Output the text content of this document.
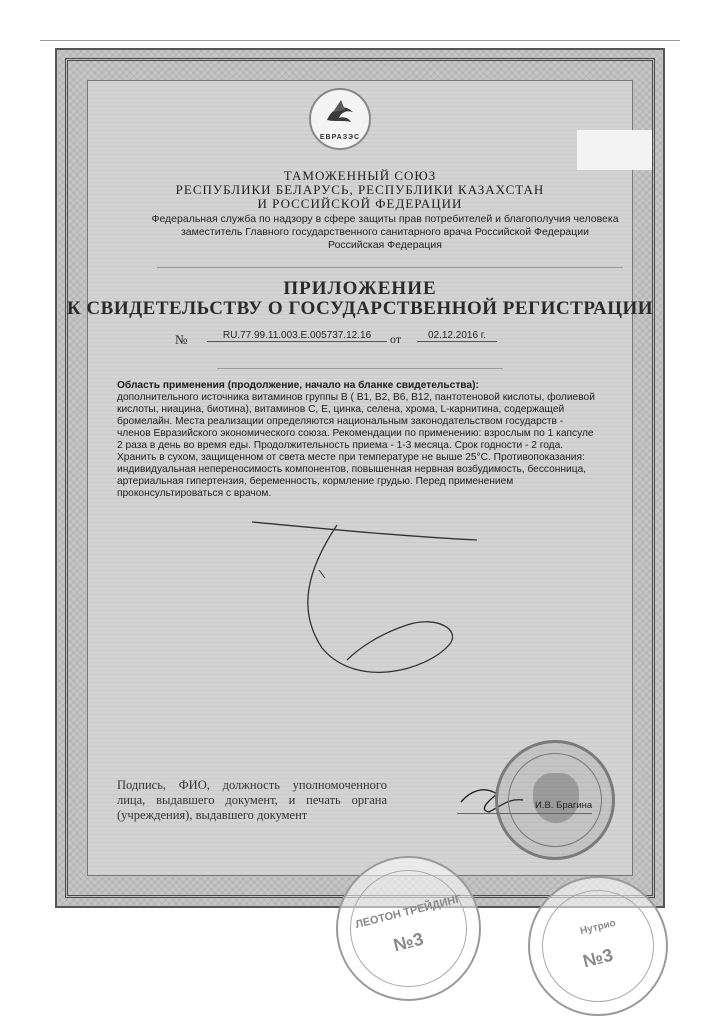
ЕВРАЗЭС
ТАМОЖЕННЫЙ СОЮЗ
РЕСПУБЛИКИ БЕЛАРУСЬ, РЕСПУБЛИКИ КАЗАХСТАН
И РОССИЙСКОЙ ФЕДЕРАЦИИ
Федеральная служба по надзору в сфере защиты прав потребителей и благополучия человека
заместитель Главного государственного санитарного врача Российской Федерации
Российская Федерация
ПРИЛОЖЕНИЕ
К СВИДЕТЕЛЬСТВУ О ГОСУДАРСТВЕННОЙ РЕГИСТРАЦИИ
№	RU.77.99.11.003.E.005737.12.16	от	02.12.2016 г.
Область применения (продолжение, начало на бланке свидетельства):
дополнительного источника витаминов группы В ( В1, В2, В6, В12, пантотеновой кислоты, фолиевой кислоты, ниацина, биотина), витаминов С, Е, цинка, селена, хрома, L-карнитина, содержащей бромелайн. Места реализации определяются национальным законодательством государств - членов Евразийского экономического союза. Рекомендации по применению: взрослым по 1 капсуле 2 раза в день во время еды. Продолжительность приема - 1-3 месяца. Срок годности - 2 года. Хранить в сухом, защищенном от света месте при температуре не выше 25°С. Противопоказания: индивидуальная непереносимость компонентов, повышенная нервная возбудимость, бессонница, артериальная гипертензия, беременность, кормление грудью. Перед применением проконсультироваться с врачом.
Подпись, ФИО, должность уполномоченного лица, выдавшего документ, и печать органа (учреждения), выдавшего документ
И.В. Брагина
ЛЕОТОН ТРЕЙДИНГ
№3
Нутрио
№3
